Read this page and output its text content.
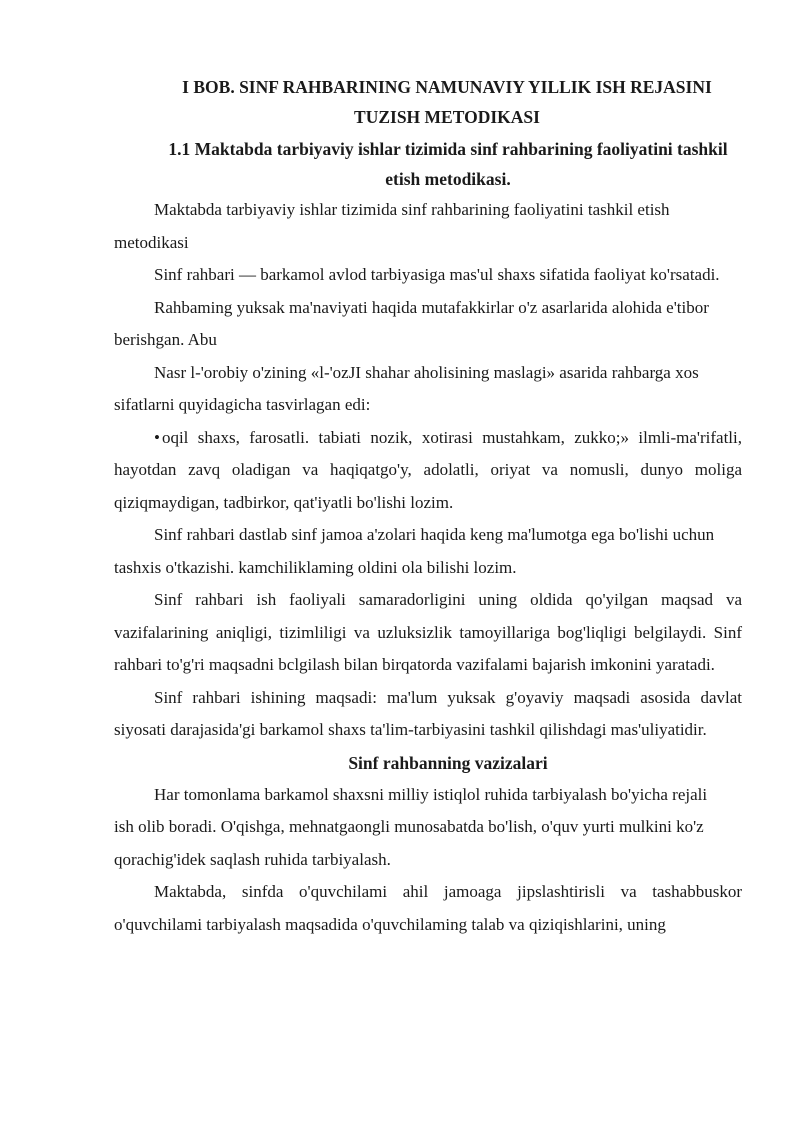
I BOB. SINF RAHBARINING NAMUNAVIY YILLIK ISH REJASINI TUZISH METODIKASI
1.1 Maktabda tarbiyaviy ishlar tizimida sinf rahbarining faoliyatini tashkil etish metodikasi.

Maktabda tarbiyaviy ishlar tizimida sinf rahbarining faoliyatini tashkil etish metodikasi

Sinf rahbari — barkamol avlod tarbiyasiga mas'ul shaxs sifatida faoliyat ko'rsatadi.

Rahbaming yuksak ma'naviyati haqida mutafakkirlar o'z asarlarida alohida e'tibor berishgan. Abu

Nasr l-'orobiy o'zining «l-'ozJI shahar aholisining maslagi» asarida rahbarga xos sifatlarni quyidagicha tasvirlagan edi:

• oqil shaxs, farosatli. tabiati nozik, xotirasi mustahkam, zukko;» ilmli-ma'rifatli, hayotdan zavq oladigan va haqiqatgo'y, adolatli, oriyat va nomusli, dunyo moliga qiziqmaydigan, tadbirkor, qat'iyatli bo'lishi lozim.

Sinf rahbari dastlab sinf jamoa a'zolari haqida keng ma'lumotga ega bo'lishi uchun tashxis o'tkazishi. kamchiliklaming oldini ola bilishi lozim.

Sinf rahbari ish faoliyali samaradorligini uning oldida qo'yilgan maqsad va vazifalarining aniqligi, tizimliligi va uzluksizlik tamoyillariga bog'liqligi belgilaydi. Sinf rahbari to'g'ri maqsadni bclgilash bilan birqatorda vazifalami bajarish imkonini yaratadi.

Sinf rahbari ishining maqsadi: ma'lum yuksak g'oyaviy maqsadi asosida davlat siyosati darajasida'gi barkamol shaxs ta'lim-tarbiyasini tashkil qilishdagi mas'uliyatidir.

Sinf rahbanning vazizalari

Har tomonlama barkamol shaxsni milliy istiqlol ruhida tarbiyalash bo'yicha rejali ish olib boradi. O'qishga, mehnatgaongli munosabatda bo'lish, o'quv yurti mulkini ko'z qorachig'idek saqlash ruhida tarbiyalash.

Maktabda, sinfda o'quvchilami ahil jamoaga jipslashtirisli va tashabbuskor o'quvchilami tarbiyalash maqsadida o'quvchilaming talab va qiziqishlarini, uning
